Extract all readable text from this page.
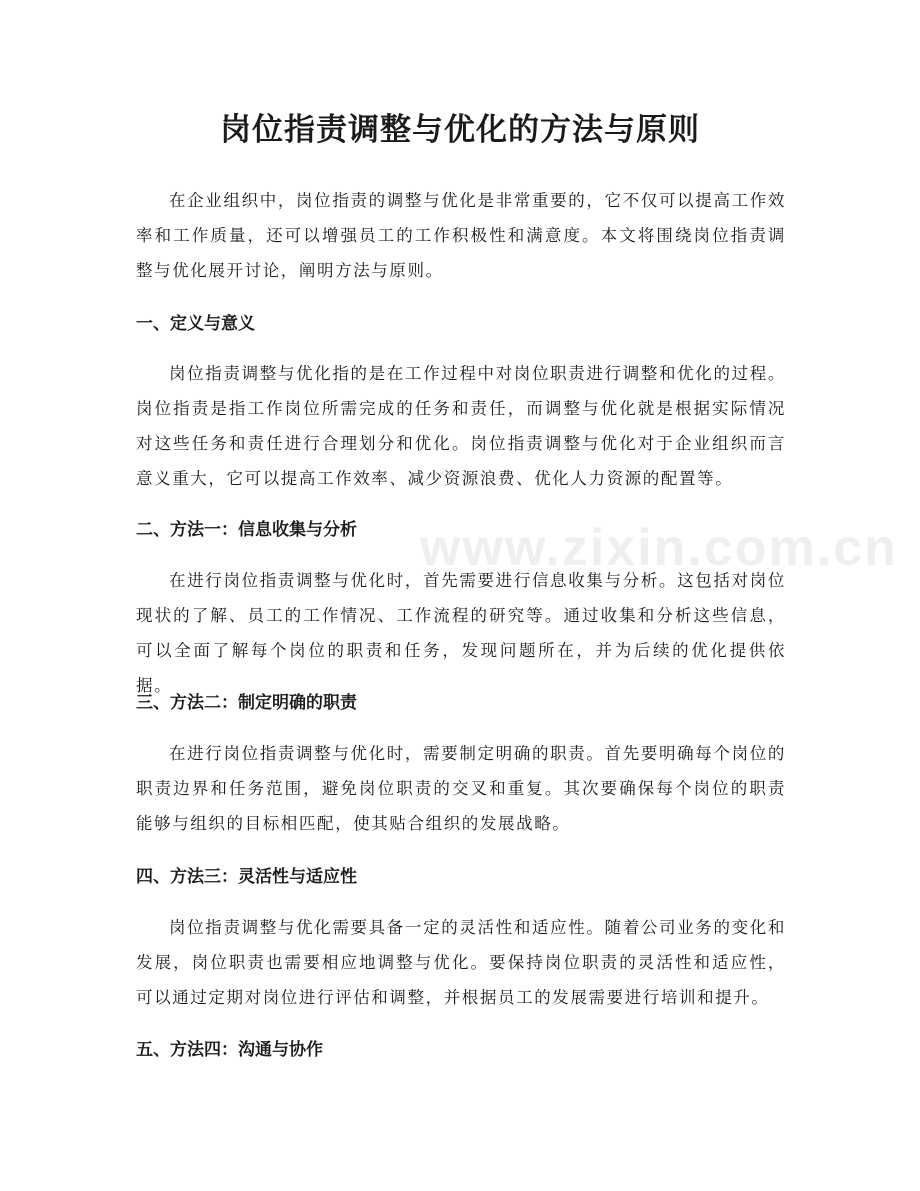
www.zixin.com.cn
岗位指责调整与优化的方法与原则
在企业组织中，岗位指责的调整与优化是非常重要的，它不仅可以提高工作效率和工作质量，还可以增强员工的工作积极性和满意度。本文将围绕岗位指责调整与优化展开讨论，阐明方法与原则。
一、定义与意义
岗位指责调整与优化指的是在工作过程中对岗位职责进行调整和优化的过程。岗位指责是指工作岗位所需完成的任务和责任，而调整与优化就是根据实际情况对这些任务和责任进行合理划分和优化。岗位指责调整与优化对于企业组织而言意义重大，它可以提高工作效率、减少资源浪费、优化人力资源的配置等。
二、方法一：信息收集与分析
在进行岗位指责调整与优化时，首先需要进行信息收集与分析。这包括对岗位现状的了解、员工的工作情况、工作流程的研究等。通过收集和分析这些信息，可以全面了解每个岗位的职责和任务，发现问题所在，并为后续的优化提供依据。
三、方法二：制定明确的职责
在进行岗位指责调整与优化时，需要制定明确的职责。首先要明确每个岗位的职责边界和任务范围，避免岗位职责的交叉和重复。其次要确保每个岗位的职责能够与组织的目标相匹配，使其贴合组织的发展战略。
四、方法三：灵活性与适应性
岗位指责调整与优化需要具备一定的灵活性和适应性。随着公司业务的变化和发展，岗位职责也需要相应地调整与优化。要保持岗位职责的灵活性和适应性，可以通过定期对岗位进行评估和调整，并根据员工的发展需要进行培训和提升。
五、方法四：沟通与协作
